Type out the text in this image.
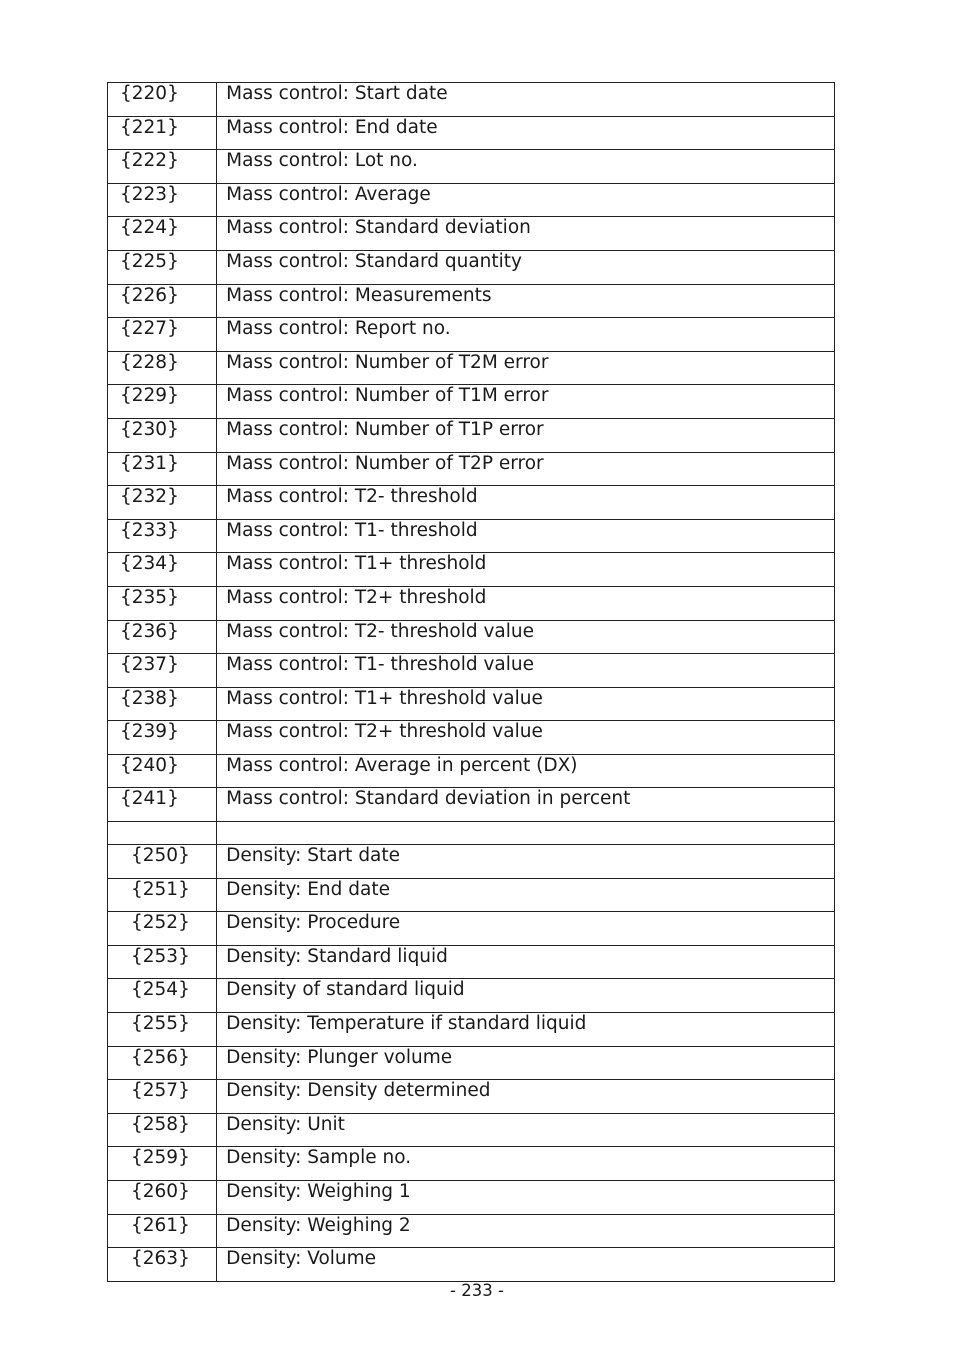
{220}	Mass control: Start date
{221}	Mass control: End date
{222}	Mass control: Lot no.
{223}	Mass control: Average
{224}	Mass control: Standard deviation
{225}	Mass control: Standard quantity
{226}	Mass control: Measurements
{227}	Mass control: Report no.
{228}	Mass control: Number of T2M error
{229}	Mass control: Number of T1M error
{230}	Mass control: Number of T1P error
{231}	Mass control: Number of T2P error
{232}	Mass control: T2- threshold
{233}	Mass control: T1- threshold
{234}	Mass control: T1+ threshold
{235}	Mass control: T2+ threshold
{236}	Mass control: T2- threshold value
{237}	Mass control: T1- threshold value
{238}	Mass control: T1+ threshold value
{239}	Mass control: T2+ threshold value
{240}	Mass control: Average in percent (DX)
{241}	Mass control: Standard deviation in percent

{250}	Density: Start date
{251}	Density: End date
{252}	Density: Procedure
{253}	Density: Standard liquid
{254}	Density of standard liquid
{255}	Density: Temperature if standard liquid
{256}	Density: Plunger volume
{257}	Density: Density determined
{258}	Density: Unit
{259}	Density: Sample no.
{260}	Density: Weighing 1
{261}	Density: Weighing 2
{263}	Density: Volume
- 233 -
